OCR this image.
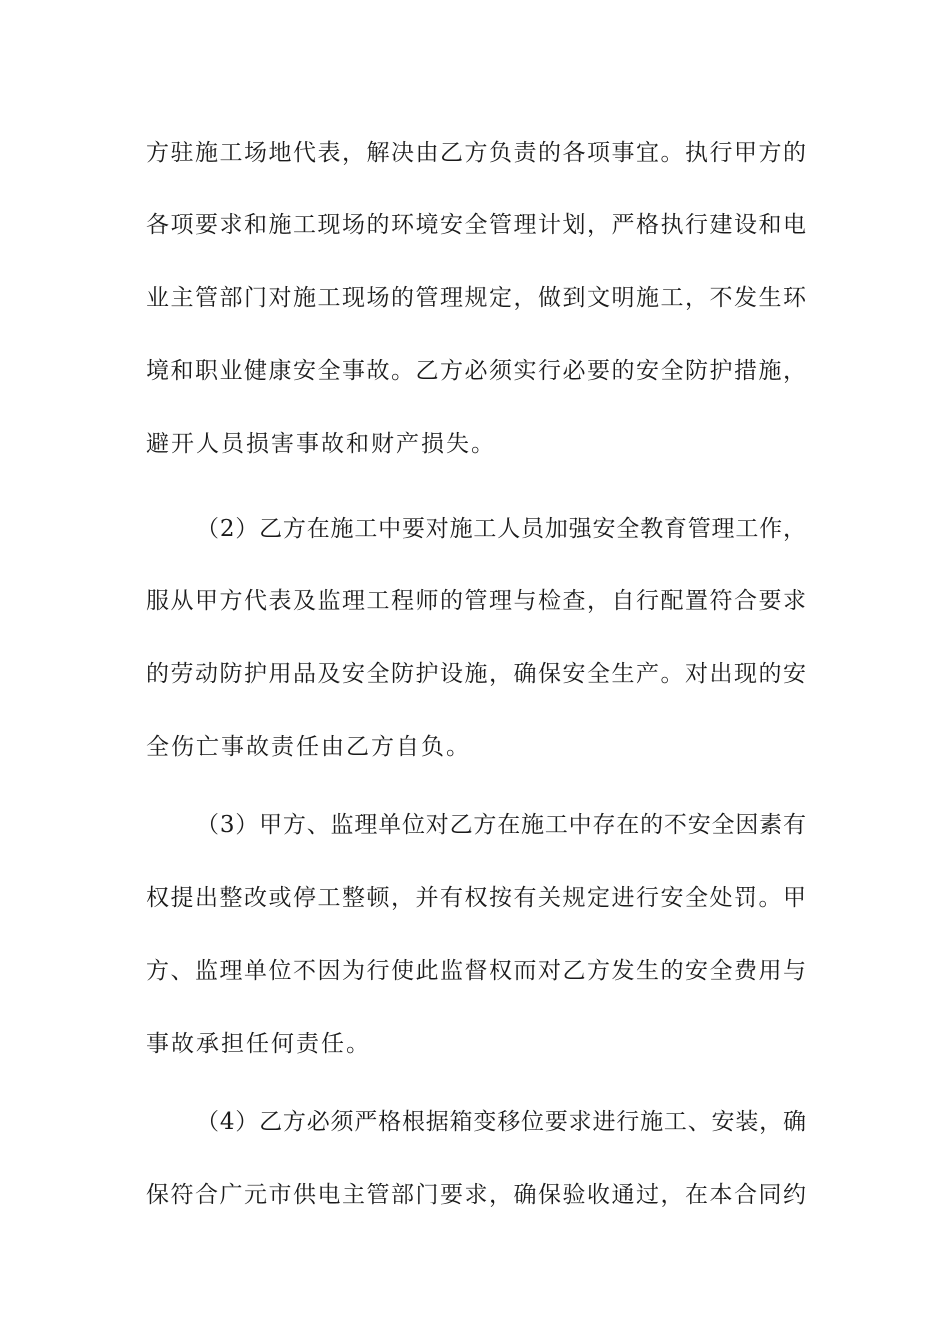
方驻施工场地代表，解决由乙方负责的各项事宜。执行甲方的
各项要求和施工现场的环境安全管理计划，严格执行建设和电
业主管部门对施工现场的管理规定，做到文明施工，不发生环
境和职业健康安全事故。乙方必须实行必要的安全防护措施，
避开人员损害事故和财产损失。
（2）乙方在施工中要对施工人员加强安全教育管理工作，
服从甲方代表及监理工程师的管理与检查，自行配置符合要求
的劳动防护用品及安全防护设施，确保安全生产。对出现的安
全伤亡事故责任由乙方自负。
（3）甲方、监理单位对乙方在施工中存在的不安全因素有
权提出整改或停工整顿，并有权按有关规定进行安全处罚。甲
方、监理单位不因为行使此监督权而对乙方发生的安全费用与
事故承担任何责任。
（4）乙方必须严格根据箱变移位要求进行施工、安装，确
保符合广元市供电主管部门要求，确保验收通过，在本合同约
